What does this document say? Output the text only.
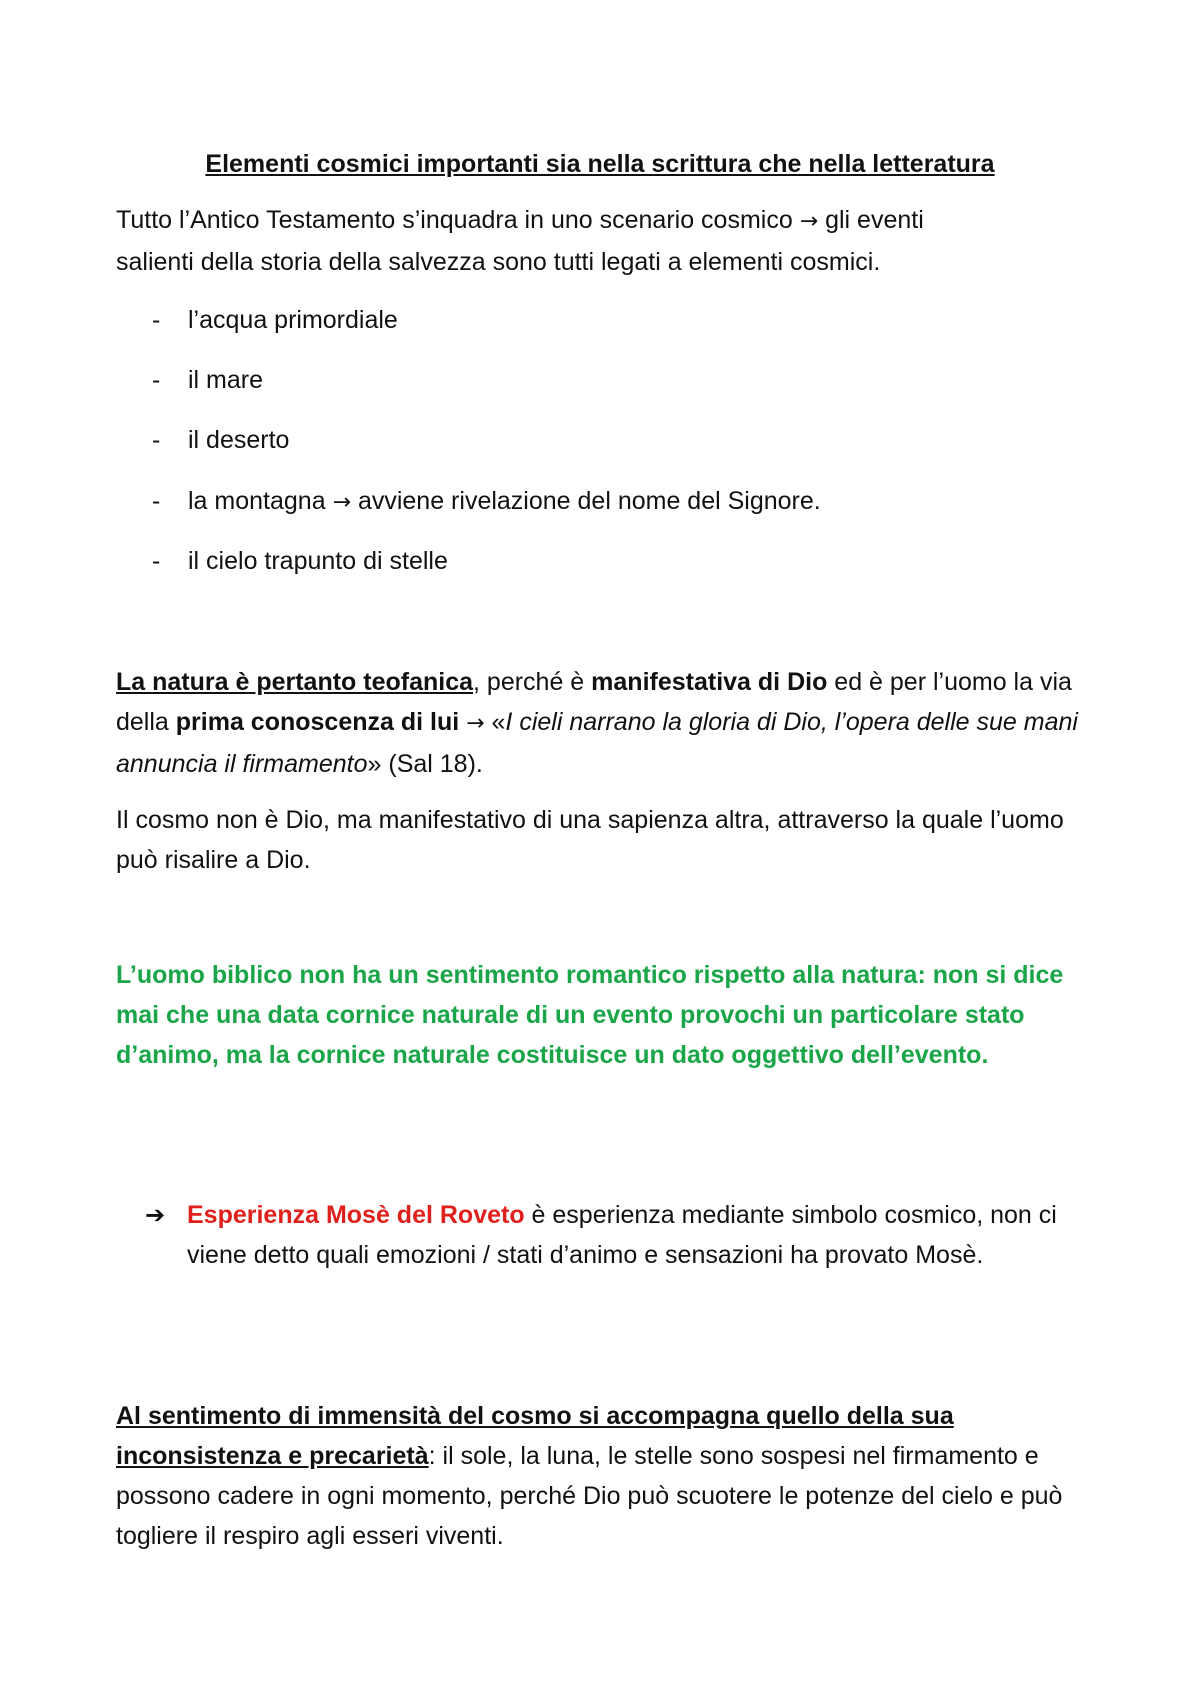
Elementi cosmici importanti sia nella scrittura che nella letteratura
Tutto l’Antico Testamento s’inquadra in uno scenario cosmico → gli eventi
salienti della storia della salvezza sono tutti legati a elementi cosmici.
- l’acqua primordiale
- il mare
- il deserto
- la montagna → avviene rivelazione del nome del Signore.
- il cielo trapunto di stelle
La natura è pertanto teofanica, perché è manifestativa di Dio ed è per l’uomo la via della prima conoscenza di lui → «I cieli narrano la gloria di Dio, l’opera delle sue mani annuncia il firmamento» (Sal 18).
Il cosmo non è Dio, ma manifestativo di una sapienza altra, attraverso la quale l’uomo può risalire a Dio.
L’uomo biblico non ha un sentimento romantico rispetto alla natura: non si dice mai che una data cornice naturale di un evento provochi un particolare stato d’animo, ma la cornice naturale costituisce un dato oggettivo dell’evento.
➔ Esperienza Mosè del Roveto è esperienza mediante simbolo cosmico, non ci viene detto quali emozioni / stati d’animo e sensazioni ha provato Mosè.
Al sentimento di immensità del cosmo si accompagna quello della sua inconsistenza e precarietà: il sole, la luna, le stelle sono sospesi nel firmamento e possono cadere in ogni momento, perché Dio può scuotere le potenze del cielo e può togliere il respiro agli esseri viventi.
